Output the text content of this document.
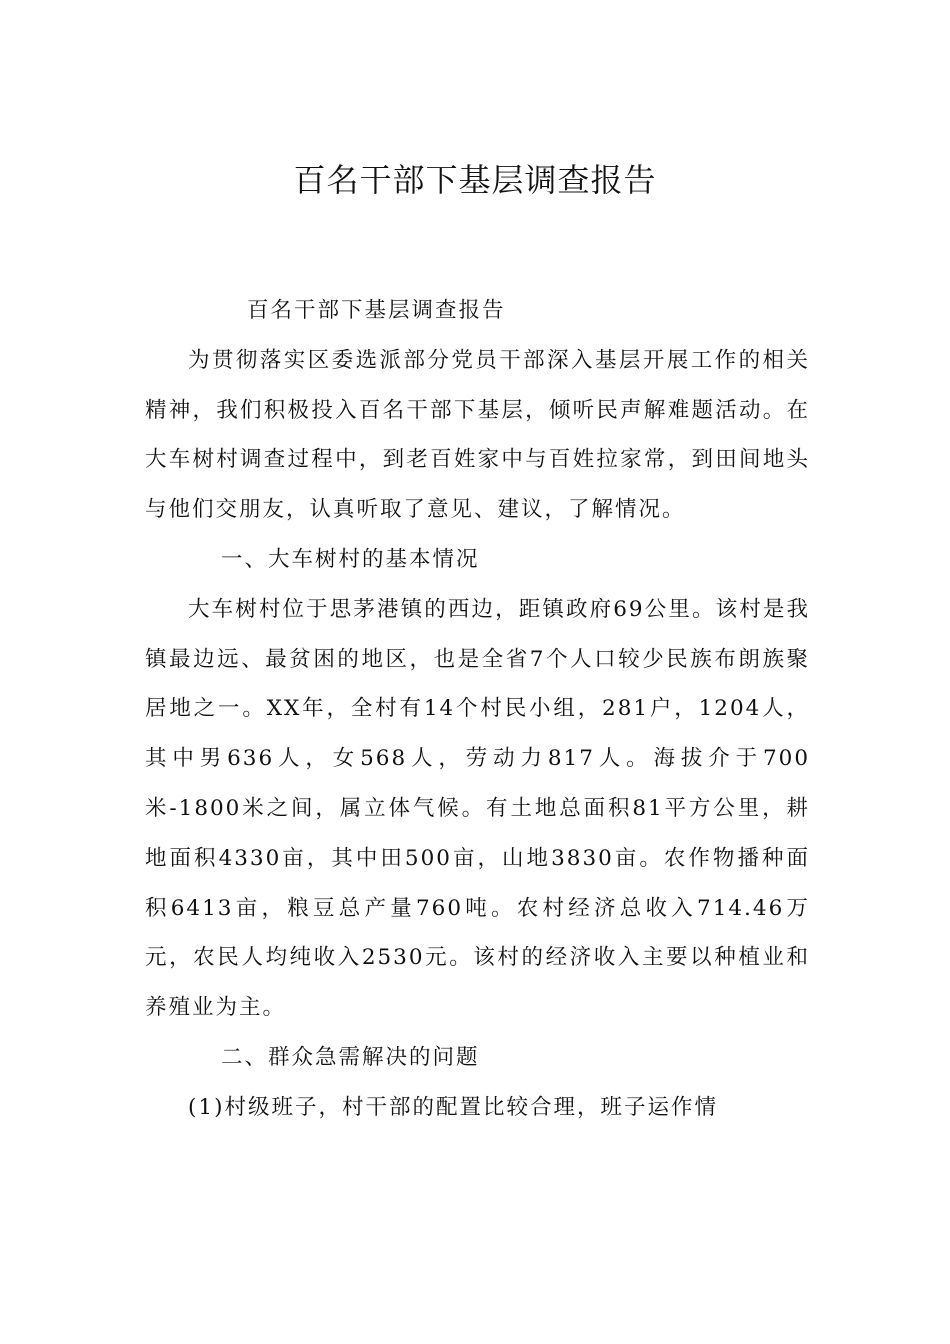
百名干部下基层调查报告

百名干部下基层调查报告

为贯彻落实区委选派部分党员干部深入基层开展工作的相关精神，我们积极投入百名干部下基层，倾听民声解难题活动。在大车树村调查过程中，到老百姓家中与百姓拉家常，到田间地头与他们交朋友，认真听取了意见、建议，了解情况。

一、大车树村的基本情况

大车树村位于思茅港镇的西边，距镇政府69公里。该村是我镇最边远、最贫困的地区，也是全省7个人口较少民族布朗族聚居地之一。XX年，全村有14个村民小组，281户，1204人，其中男636人，女568人，劳动力817人。海拔介于700米-1800米之间，属立体气候。有土地总面积81平方公里，耕地面积4330亩，其中田500亩，山地3830亩。农作物播种面积6413亩，粮豆总产量760吨。农村经济总收入714.46万元，农民人均纯收入2530元。该村的经济收入主要以种植业和养殖业为主。

二、群众急需解决的问题

(1)村级班子，村干部的配置比较合理，班子运作情
